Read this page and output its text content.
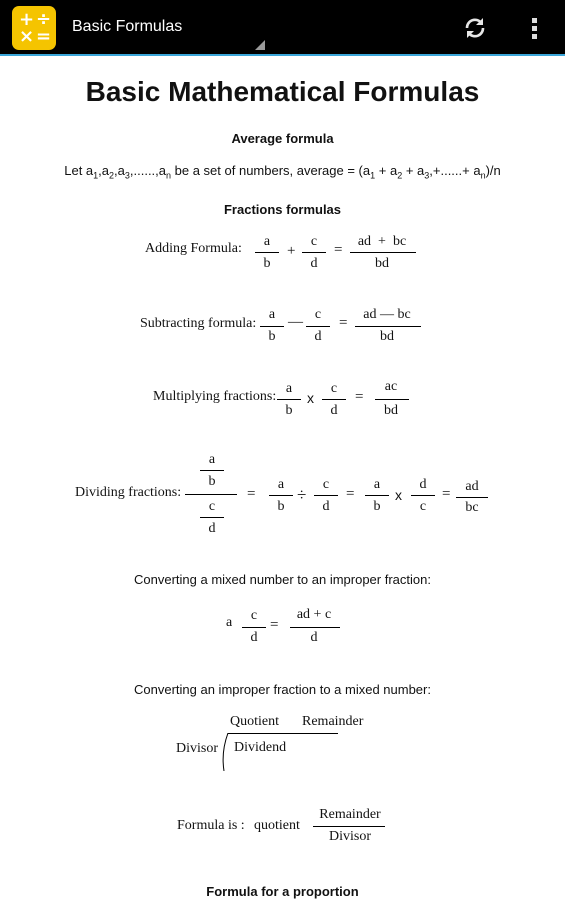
+ ÷
× = Basic Formulas
Basic Mathematical Formulas
Average formula
Let $a_1,a_2,a_3,......,a_n$ be a set of numbers, average = $(a_1 + a_2 + a_3,+......+ a_n)/n$
Fractions formulas
Adding Formula:	a
b
+
c
d
=
ad  +  bc
bd
Subtracting formula:
a
b
— c
d
=
ad — bc
bd
Multiplying fractions:
a
b
x
c
d
=
ac
bd
Dividing fractions:
a
b
c
d
=
a
b
÷
c
d
=
a
b
x
d
c
=	ad
bc
Converting a mixed number to an improper fraction:
a	c
d
=
ad + c
d
Converting an improper fraction to a mixed number:
Quotient Remainder
Divisor Dividend
Formula is : quotient
Remainder
Divisor
Formula for a proportion
